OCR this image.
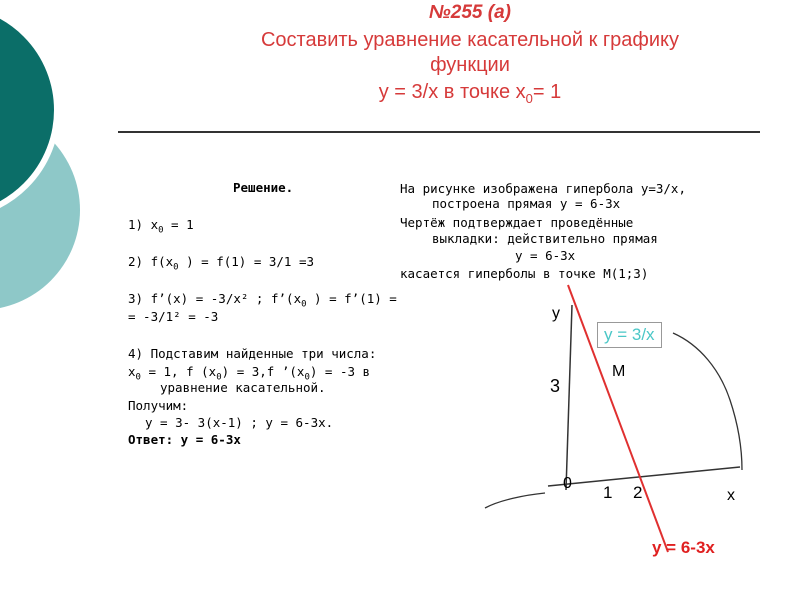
№255 (а)
Составить уравнение касательной к графику
функции
у = 3/х в точке $х_0= 1$
Решение.
1) $x_0 = 1$
2) $f(x_0$ ) = f(1) = 3/1 =3
3) f’(x) = -3/x² ; $f’(x_0$ ) = f’(1) =
= -3/1² = -3
4) Подставим найденные три числа:
$x_0 = 1$, f $(x_0) = 3,f$ $’(x_0) = -3$ в
уравнение касательной.
Получим:
у = 3- 3(х-1) ; у = 6-3х.
Ответ: у = 6-3х
На рисунке изображена гипербола у=3/х,
построена прямая у = 6-3х
Чертёж подтверждает проведённые
выкладки: действительно прямая
у = 6-3х
касается гиперболы в точке М(1;3)
у
х
0 1 2
3
М
у = 3/х
у = 6-3х
